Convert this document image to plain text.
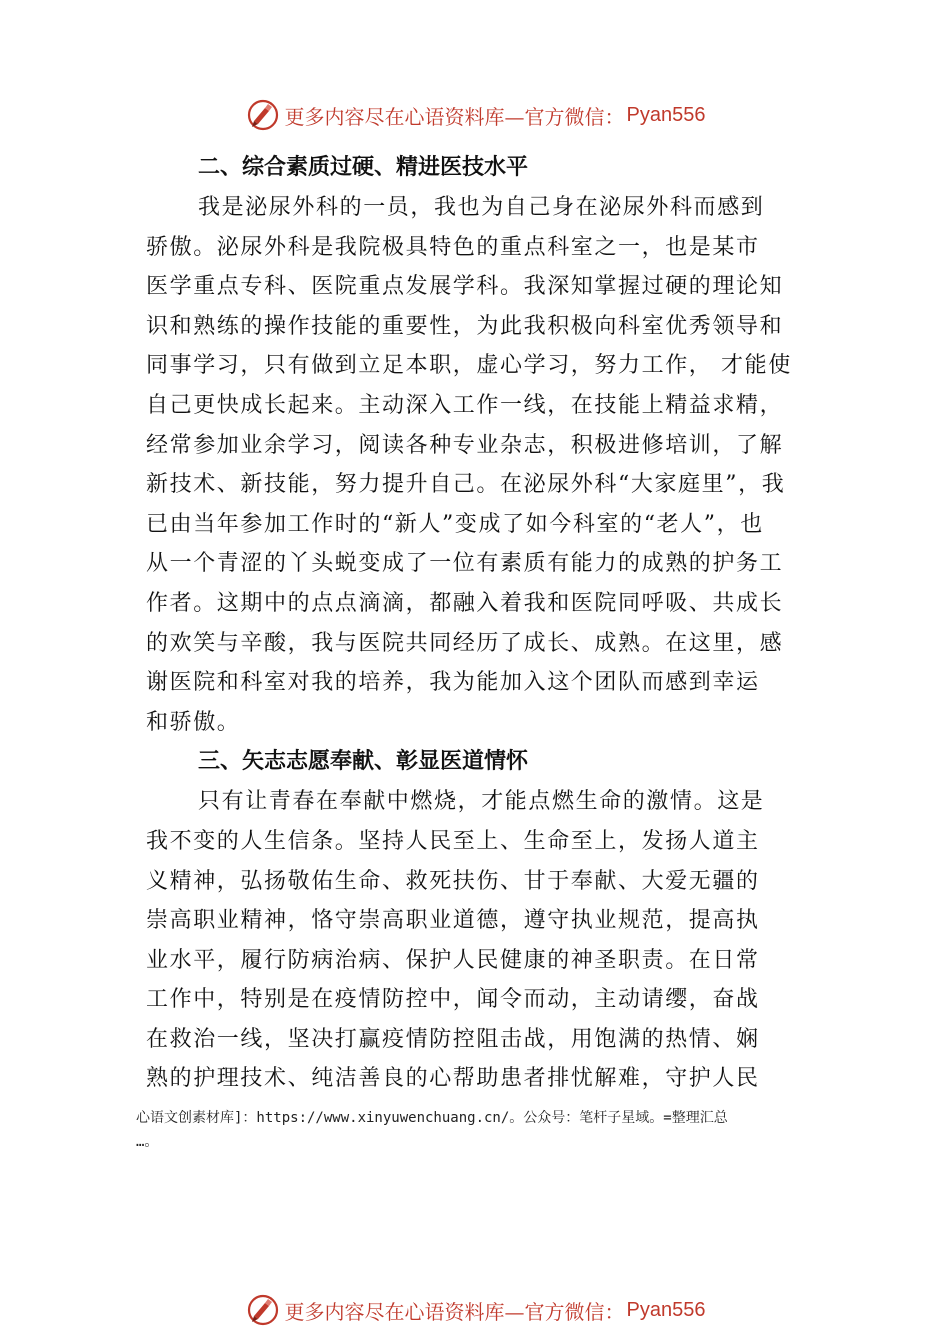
更多内容尽在心语资料库—官方微信： Pyan556
二、综合素质过硬、精进医技水平
我是泌尿外科的一员，我也为自己身在泌尿外科而感到
骄傲。泌尿外科是我院极具特色的重点科室之一，也是某市
医学重点专科、医院重点发展学科。我深知掌握过硬的理论知
识和熟练的操作技能的重要性，为此我积极向科室优秀领导和
同事学习，只有做到立足本职，虚心学习，努力工作， 才能使
自己更快成长起来。主动深入工作一线，在技能上精益求精，
经常参加业余学习，阅读各种专业杂志，积极进修培训，了解
新技术、新技能，努力提升自己。在泌尿外科“大家庭里”，我
已由当年参加工作时的“新人”变成了如今科室的“老人”，也
从一个青涩的丫头蜕变成了一位有素质有能力的成熟的护务工
作者。这期中的点点滴滴，都融入着我和医院同呼吸、共成长
的欢笑与辛酸，我与医院共同经历了成长、成熟。在这里，感
谢医院和科室对我的培养，我为能加入这个团队而感到幸运
和骄傲。
三、矢志志愿奉献、彰显医道情怀
只有让青春在奉献中燃烧，才能点燃生命的激情。这是
我不变的人生信条。坚持人民至上、生命至上，发扬人道主
义精神，弘扬敬佑生命、救死扶伤、甘于奉献、大爱无疆的
崇高职业精神，恪守崇高职业道德，遵守执业规范，提高执
业水平，履行防病治病、保护人民健康的神圣职责。在日常
工作中，特别是在疫情防控中，闻令而动，主动请缨，奋战
在救治一线，坚决打赢疫情防控阻击战，用饱满的热情、娴
熟的护理技术、纯洁善良的心帮助患者排忧解难，守护人民
心语文创素材库]：https://www.xinyuwenchuang.cn/。公众号：笔杆子星域。=整理汇总
…。
更多内容尽在心语资料库—官方微信： Pyan556
